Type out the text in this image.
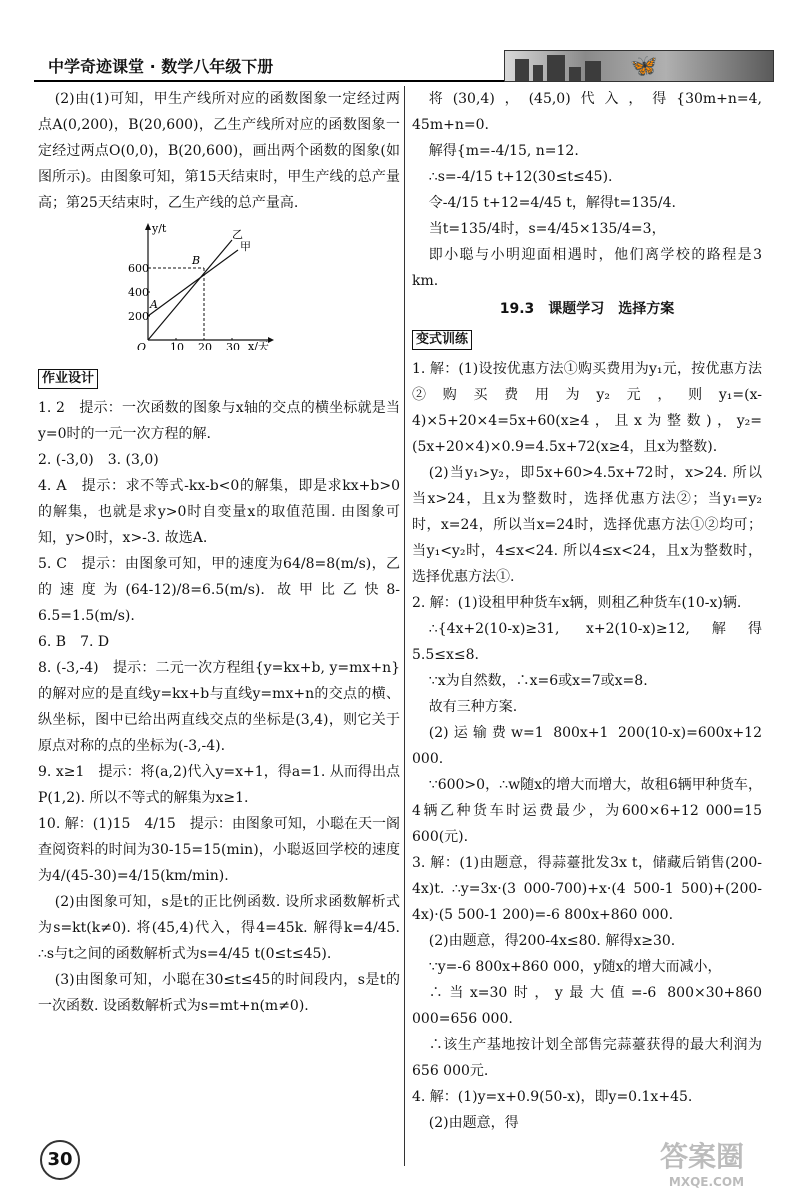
中学奇迹课堂 · 数学八年级下册	🦋

(2)由(1)可知，甲生产线所对应的函数图象一定经过两点A(0,200)，B(20,600)，乙生产线所对应的函数图象一定经过两点O(0,0)，B(20,600)，画出两个函数的图象(如图所示)。由图象可知，第15天结束时，甲生产线的总产量高；第25天结束时，乙生产线的总产量高.

y/t
x/天
600
400
200
10 20 30
O
A
B
乙
甲
作业设计

1. 2　提示：一次函数的图象与x轴的交点的横坐标就是当y=0时的一元一次方程的解.

2. (-3,0)　3. (3,0)

4. A　提示：求不等式-kx-b<0的解集，即是求kx+b>0的解集，也就是求y>0时自变量x的取值范围. 由图象可知，y>0时，x>-3. 故选A.

5. C　提示：由图象可知，甲的速度为64/8=8(m/s)，乙的速度为(64-12)/8=6.5(m/s). 故甲比乙快8-6.5=1.5(m/s).

6. B　7. D

8. (-3,-4)　提示：二元一次方程组{y=kx+b, y=mx+n}的解对应的是直线y=kx+b与直线y=mx+n的交点的横、纵坐标，图中已给出两直线交点的坐标是(3,4)，则它关于原点对称的点的坐标为(-3,-4).

9. x≥1　提示：将(a,2)代入y=x+1，得a=1. 从而得出点P(1,2). 所以不等式的解集为x≥1.

10. 解：(1)15　4/15　提示：由图象可知，小聪在天一阁查阅资料的时间为30-15=15(min)，小聪返回学校的速度为4/(45-30)=4/15(km/min).

(2)由图象可知，s是t的正比例函数. 设所求函数解析式为s=kt(k≠0). 将(45,4)代入，得4=45k. 解得k=4/45. ∴s与t之间的函数解析式为s=4/45 t(0≤t≤45).

(3)由图象可知，小聪在30≤t≤45的时间段内，s是t的一次函数. 设函数解析式为s=mt+n(m≠0).

将(30,4)，(45,0)代入，得{30m+n=4, 45m+n=0.

解得{m=-4/15, n=12.

∴s=-4/15 t+12(30≤t≤45).

令-4/15 t+12=4/45 t，解得t=135/4.

当t=135/4时，s=4/45×135/4=3，

即小聪与小明迎面相遇时，他们离学校的路程是3 km.

19.3　课题学习　选择方案
变式训练

1. 解：(1)设按优惠方法①购买费用为y₁元，按优惠方法②购买费用为y₂元，则y₁=(x-4)×5+20×4=5x+60(x≥4，且x为整数)，y₂=(5x+20×4)×0.9=4.5x+72(x≥4，且x为整数).

(2)当y₁>y₂，即5x+60>4.5x+72时，x>24. 所以当x>24，且x为整数时，选择优惠方法②；当y₁=y₂时，x=24，所以当x=24时，选择优惠方法①②均可；当y₁<y₂时，4≤x<24. 所以4≤x<24，且x为整数时，选择优惠方法①.

2. 解：(1)设租甲种货车x辆，则租乙种货车(10-x)辆.

∴{4x+2(10-x)≥31, x+2(10-x)≥12,解得5.5≤x≤8.

∵x为自然数，∴x=6或x=7或x=8.

故有三种方案.

(2)运输费w=1 800x+1 200(10-x)=600x+12 000.

∵600>0，∴w随x的增大而增大，故租6辆甲种货车，4辆乙种货车时运费最少，为600×6+12 000=15 600(元).

3. 解：(1)由题意，得蒜薹批发3x t，储藏后销售(200-4x)t. ∴y=3x·(3 000-700)+x·(4 500-1 500)+(200-4x)·(5 500-1 200)=-6 800x+860 000.

(2)由题意，得200-4x≤80. 解得x≥30.

∵y=-6 800x+860 000，y随x的增大而减小，

∴当x=30时，y最大值=-6 800×30+860 000=656 000.

∴该生产基地按计划全部售完蒜薹获得的最大利润为656 000元.

4. 解：(1)y=x+0.9(50-x)，即y=0.1x+45.

(2)由题意，得

30	答案圈
MXQE.COM
